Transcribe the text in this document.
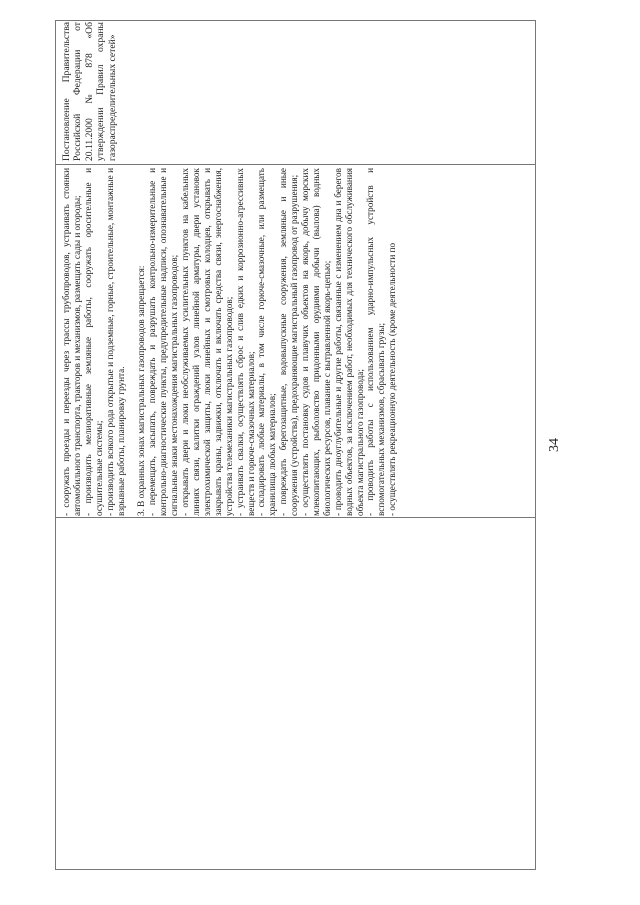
- сооружать проезды и переезды через трассы трубопроводов, устраивать стоянки автомобильного транспорта, тракторов и механизмов, размещать сады и огороды; - производить мелиоративные земляные работы, сооружать оросительные и осушительные системы; - производить всякого рода открытые и подземные, горные, строительные, монтажные и взрывные работы, планировку грунта. 3. В охранных зонах магистральных газопроводов запрещается: - перемещать, засыпать, повреждать и разрушать контрольно-измерительные и контрольно-диагностические пункты, предупредительные надписи, опознавательные и сигнальные знаки местонахождения магистральных газопроводов; - открывать двери и люки необслуживаемых усилительных пунктов на кабельных линиях связи, калитки ограждений узлов линейной арматуры, двери установок электрохимической защиты, люки линейных и смотровых колодцев, открывать и закрывать краны, задвижки, отключать и включать средства связи, энергоснабжения, устройства телемеханики магистральных газопроводов; - устраивать свалки, осуществлять сброс и слив едких и коррозионно-агрессивных веществ и горюче-смазочных материалов; - складировать любые материалы, в том числе горюче-смазочные, или размещать хранилища любых материалов; - повреждать берегозащитные, водовыпускные сооружения, земляные и иные сооружения (устройства), предохраняющие магистральный газопровод от разрушения; - осуществлять постановку судов и плавучих объектов на якорь, добычу морских млекопитающих, рыболовство придонными орудиями добычи (вылова) водных биологических ресурсов, плавание с вытравленной якорь-цепью; - проводить дноуглубительные и другие работы, связанные с изменением дна и берегов водных объектов, за исключением работ, необходимых для технического обслуживания объекта магистрального газопровода; - проводить работы с использованием ударно-импульсных устройств и вспомогательных механизмов, сбрасывать грузы; - осуществлять рекреационную деятельность (кроме деятельности по

Постановление Правительства Российской Федерации от 20.11.2000 № 878 «Об утверждении Правил охраны газораспределительных сетей»

34
